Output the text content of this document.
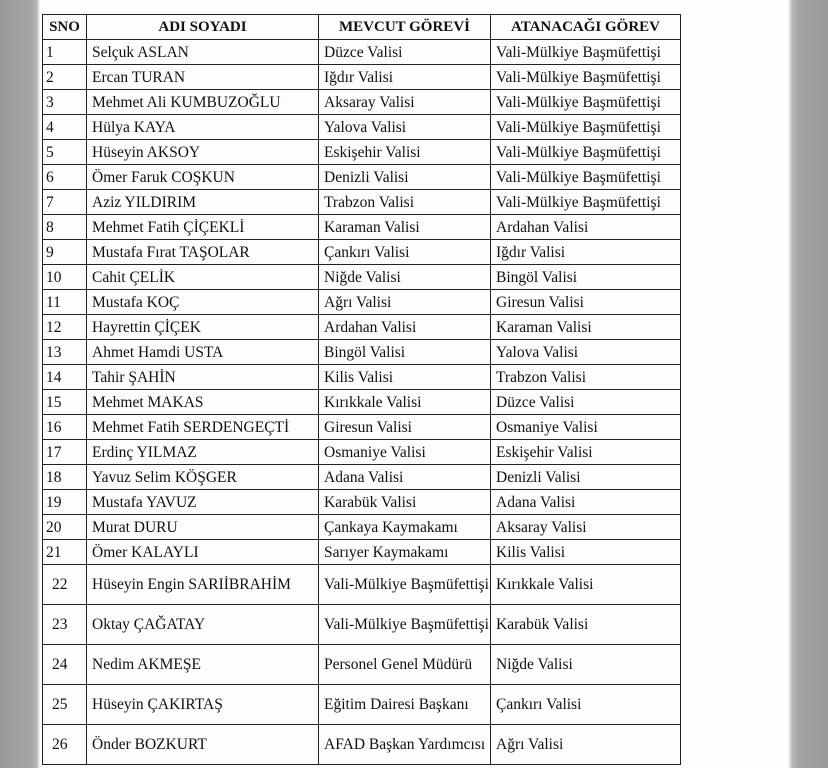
SNO	ADI SOYADI	MEVCUT GÖREVİ	ATANACAĞI GÖREV
1	Selçuk ASLAN	Düzce Valisi	Vali-Mülkiye Başmüfettişi
2	Ercan TURAN	Iğdır Valisi	Vali-Mülkiye Başmüfettişi
3	Mehmet Ali KUMBUZOĞLU	Aksaray Valisi	Vali-Mülkiye Başmüfettişi
4	Hülya KAYA	Yalova Valisi	Vali-Mülkiye Başmüfettişi
5	Hüseyin AKSOY	Eskişehir Valisi	Vali-Mülkiye Başmüfettişi
6	Ömer Faruk COŞKUN	Denizli Valisi	Vali-Mülkiye Başmüfettişi
7	Aziz YILDIRIM	Trabzon Valisi	Vali-Mülkiye Başmüfettişi
8	Mehmet Fatih ÇİÇEKLİ	Karaman Valisi	Ardahan Valisi
9	Mustafa Fırat TAŞOLAR	Çankırı Valisi	Iğdır Valisi
10	Cahit ÇELİK	Niğde Valisi	Bingöl Valisi
11	Mustafa KOÇ	Ağrı Valisi	Giresun Valisi
12	Hayrettin ÇİÇEK	Ardahan Valisi	Karaman Valisi
13	Ahmet Hamdi USTA	Bingöl Valisi	Yalova Valisi
14	Tahir ŞAHİN	Kilis Valisi	Trabzon Valisi
15	Mehmet MAKAS	Kırıkkale Valisi	Düzce Valisi
16	Mehmet Fatih SERDENGEÇTİ	Giresun Valisi	Osmaniye Valisi
17	Erdinç YILMAZ	Osmaniye Valisi	Eskişehir Valisi
18	Yavuz Selim KÖŞGER	Adana Valisi	Denizli Valisi
19	Mustafa YAVUZ	Karabük Valisi	Adana Valisi
20	Murat DURU	Çankaya Kaymakamı	Aksaray Valisi
21	Ömer KALAYLI	Sarıyer Kaymakamı	Kilis Valisi
22	Hüseyin Engin SARIİBRAHİM	Vali-Mülkiye Başmüfettişi	Kırıkkale Valisi
23	Oktay ÇAĞATAY	Vali-Mülkiye Başmüfettişi	Karabük Valisi
24	Nedim AKMEŞE	Personel Genel Müdürü	Niğde Valisi
25	Hüseyin ÇAKIRTAŞ	Eğitim Dairesi Başkanı	Çankırı Valisi
26	Önder BOZKURT	AFAD Başkan Yardımcısı	Ağrı Valisi
